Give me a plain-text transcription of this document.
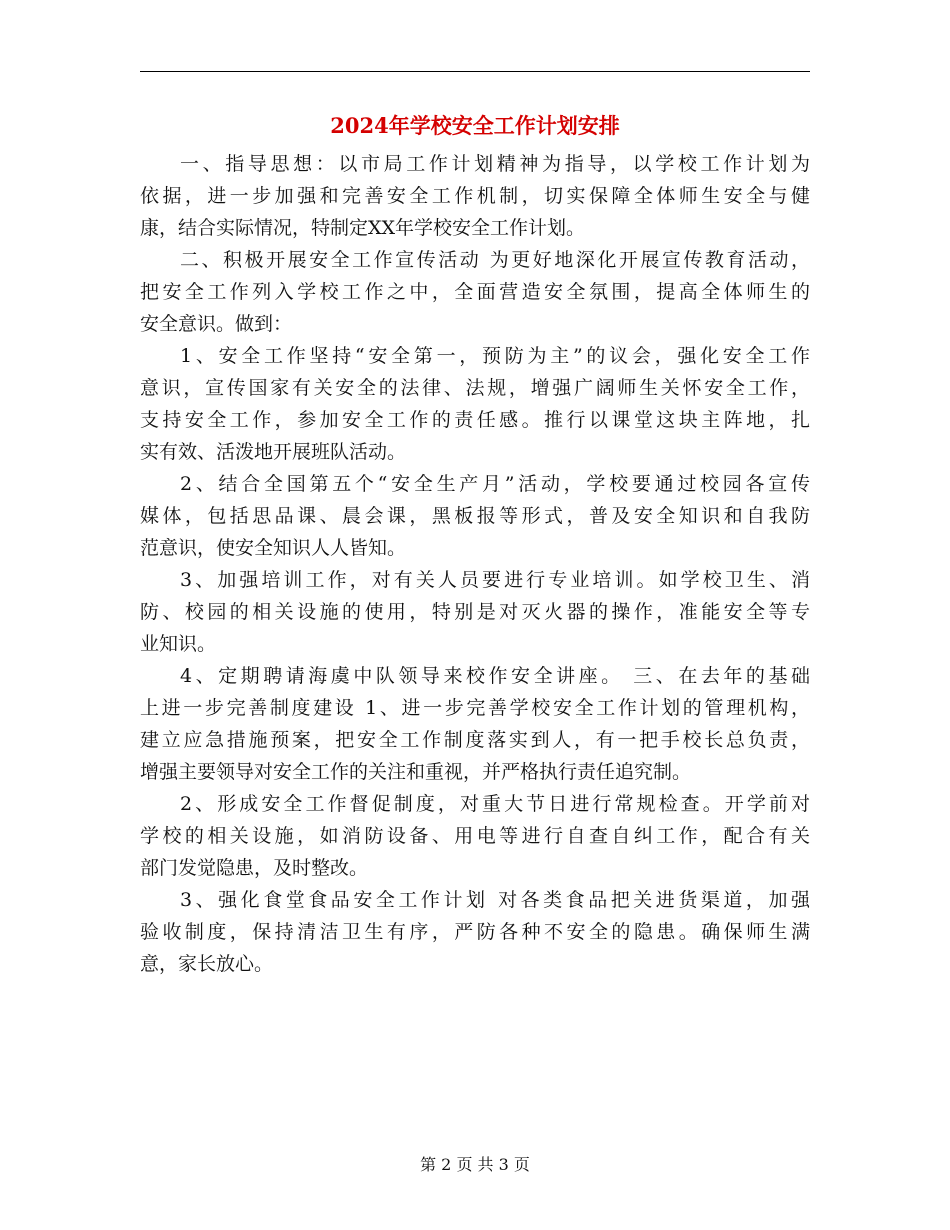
2024年学校安全工作计划安排

一、指导思想：以市局工作计划精神为指导，以学校工作计划为
依据，进一步加强和完善安全工作机制，切实保障全体师生安全与健
康，结合实际情况，特制定XX年学校安全工作计划。

二、积极开展安全工作宣传活动 为更好地深化开展宣传教育活动，
把安全工作列入学校工作之中，全面营造安全氛围，提高全体师生的
安全意识。做到：

1、安全工作坚持“安全第一，预防为主”的议会，强化安全工作
意识，宣传国家有关安全的法律、法规，增强广阔师生关怀安全工作，
支持安全工作，参加安全工作的责任感。推行以课堂这块主阵地，扎
实有效、活泼地开展班队活动。

2、结合全国第五个“安全生产月”活动，学校要通过校园各宣传
媒体，包括思品课、晨会课，黑板报等形式，普及安全知识和自我防
范意识，使安全知识人人皆知。

3、加强培训工作，对有关人员要进行专业培训。如学校卫生、消
防、校园的相关设施的使用，特别是对灭火器的操作，准能安全等专
业知识。

4、定期聘请海虞中队领导来校作安全讲座。 三、在去年的基础
上进一步完善制度建设 1、进一步完善学校安全工作计划的管理机构，
建立应急措施预案，把安全工作制度落实到人，有一把手校长总负责，
增强主要领导对安全工作的关注和重视，并严格执行责任追究制。

2、形成安全工作督促制度，对重大节日进行常规检查。开学前对
学校的相关设施，如消防设备、用电等进行自查自纠工作，配合有关
部门发觉隐患，及时整改。

3、强化食堂食品安全工作计划 对各类食品把关进货渠道，加强
验收制度，保持清洁卫生有序，严防各种不安全的隐患。确保师生满
意，家长放心。

第 2 页 共 3 页
